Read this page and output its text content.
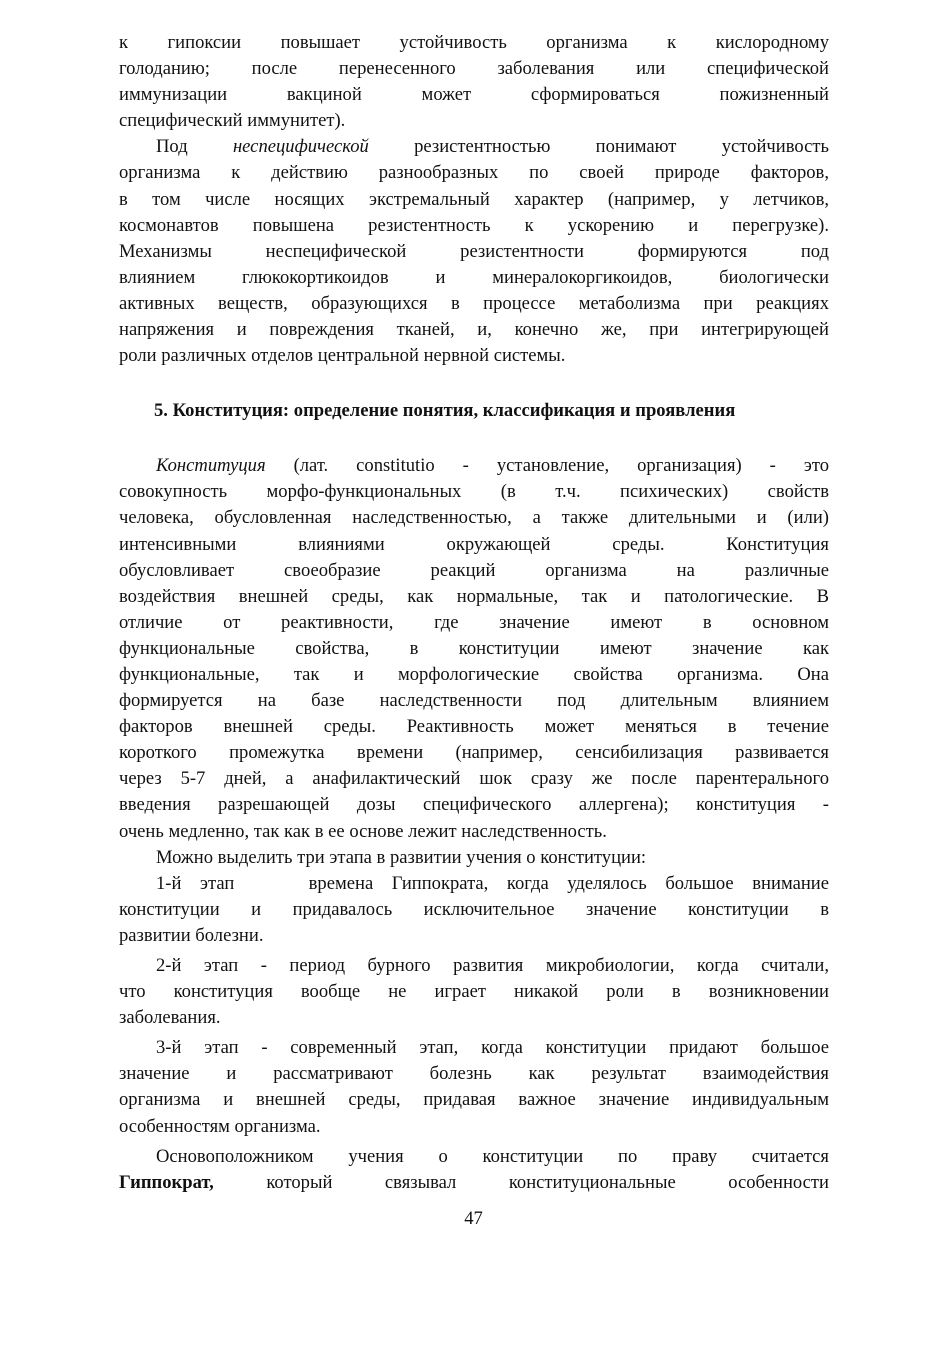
к гипоксии повышает устойчивость организма к кислородному
голоданию; после перенесенного заболевания или специфической
иммунизации вакциной может сформироваться пожизненный
специфический иммунитет).
Под неспецифической резистентностью понимают устойчивость
организма к действию разнообразных по своей природе факторов,
в том числе носящих экстремальный характер (например, у летчиков,
космонавтов повышена резистентность к ускорению и перегрузке).
Механизмы неспецифической резистентности формируются под
влиянием глюкокортикоидов и минералокоргикоидов, биологически
активных веществ, образующихся в процессе метаболизма при реакциях
напряжения и повреждения тканей, и, конечно же, при интегрирующей
роли различных отделов центральной нервной системы.
5. Конституция: определение понятия, классификация и проявления
Конституция (лат. constitutio - установление, организация) - это
совокупность морфо-функциональных (в т.ч. психических) свойств
человека, обусловленная наследственностью, а также длительными и (или)
интенсивными влияниями окружающей среды. Конституция
обусловливает своеобразие реакций организма на различные
воздействия внешней среды, как нормальные, так и патологические. В
отличие от реактивности, где значение имеют в основном
функциональные свойства, в конституции имеют значение как
функциональные, так и морфологические свойства организма. Она
формируется на базе наследственности под длительным влиянием
факторов внешней среды. Реактивность может меняться в течение
короткого промежутка времени (например, сенсибилизация развивается
через 5-7 дней, а анафилактический шок сразу же после парентерального
введения разрешающей дозы специфического аллергена); конституция -
очень медленно, так как в ее основе лежит наследственность.
Можно выделить три этапа в развитии учения о конституции:
1-й этап    времена Гиппократа, когда уделялось большое внимание
конституции и придавалось исключительное значение конституции в
развитии болезни.
2-й этап - период бурного развития микробиологии, когда считали,
что конституция вообще не играет никакой роли в возникновении
заболевания.
3-й этап - современный этап, когда конституции придают большое
значение и рассматривают болезнь как результат взаимодействия
организма и внешней среды, придавая важное значение индивидуальным
особенностям организма.
Основоположником учения о конституции по праву считается
Гиппократ,	который связывал конституциональные особенности
47
